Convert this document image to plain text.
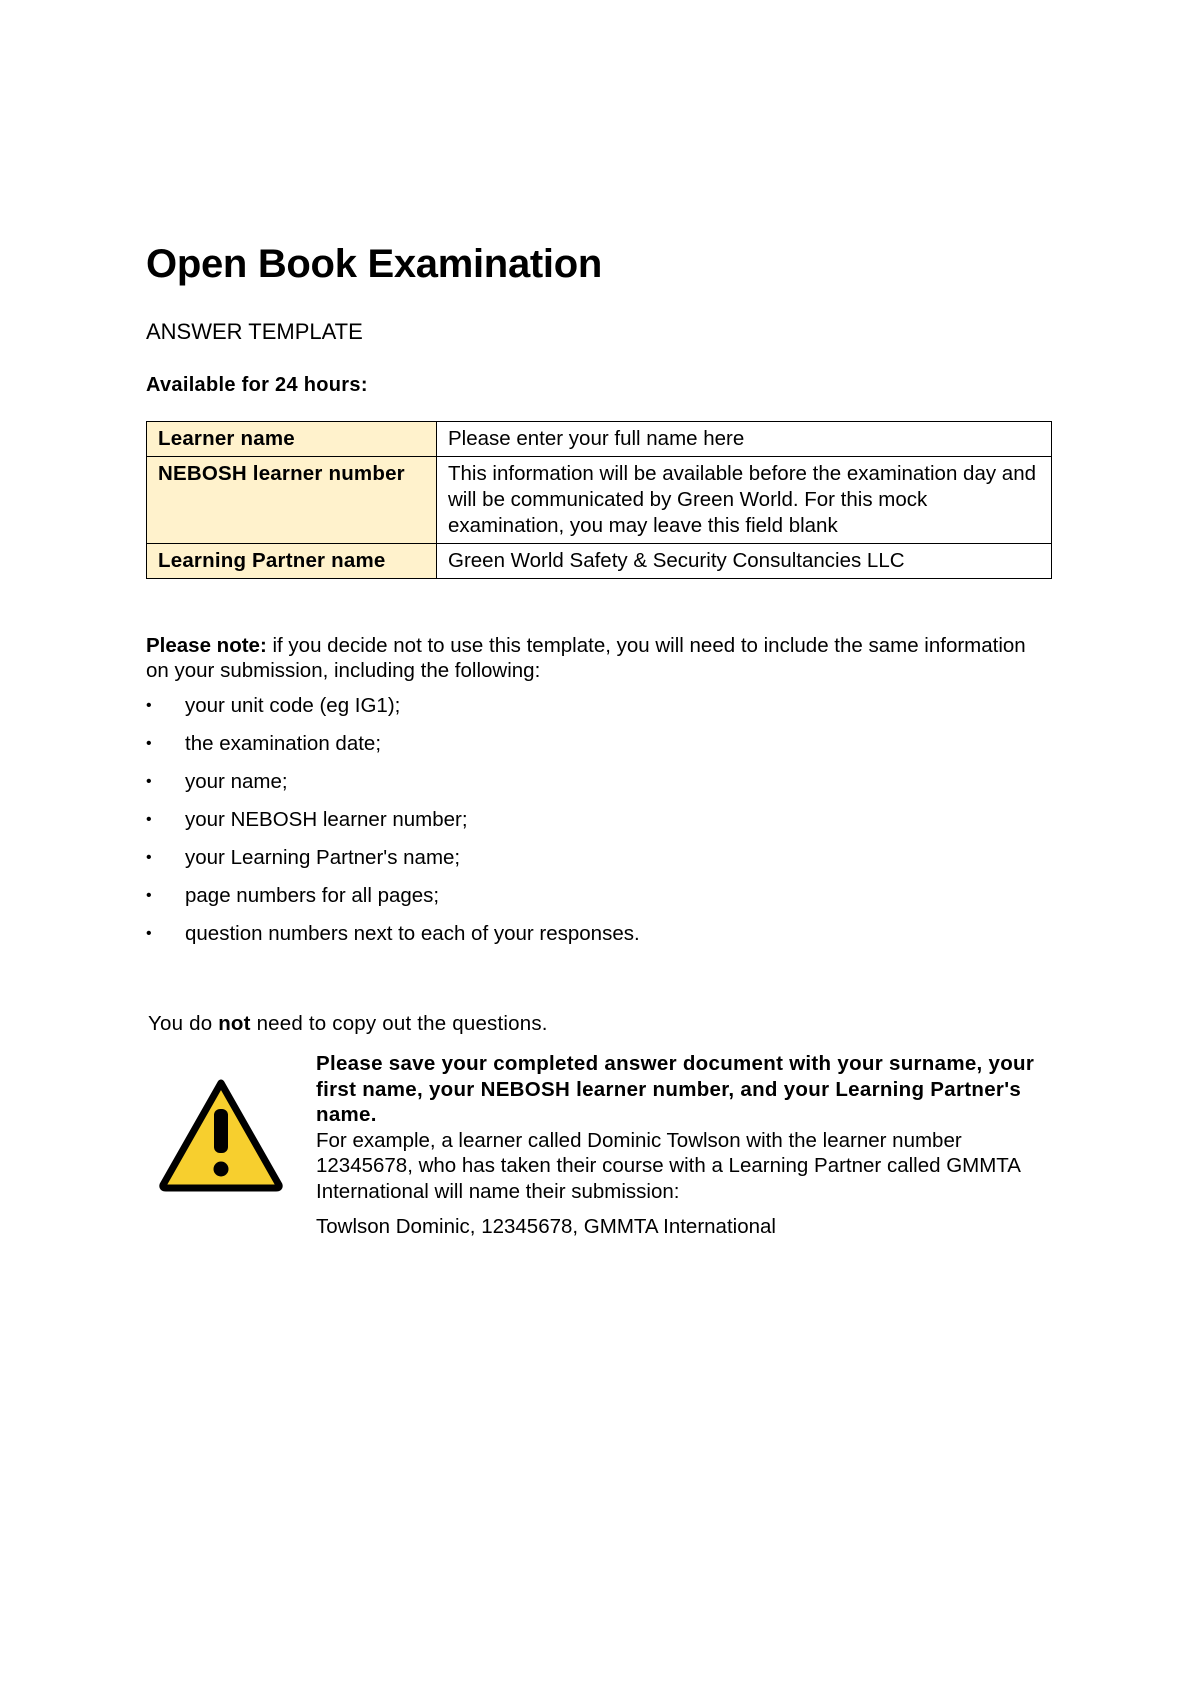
Open Book Examination
ANSWER TEMPLATE
Available for 24 hours:
Learner name	Please enter your full name here
NEBOSH learner number	This information will be available before the examination day and will be communicated by Green World. For this mock examination, you may leave this field blank
Learning Partner name	Green World Safety & Security Consultancies LLC
Please note: if you decide not to use this template, you will need to include the same information on your submission, including the following:
•	your unit code (eg IG1);
•	the examination date;
•	your name;
•	your NEBOSH learner number;
•	your Learning Partner's name;
•	page numbers for all pages;
•	question numbers next to each of your responses.
You do not need to copy out the questions.
Please save your completed answer document with your surname, your first name, your NEBOSH learner number, and your Learning Partner's name.
For example, a learner called Dominic Towlson with the learner number 12345678, who has taken their course with a Learning Partner called GMMTA International will name their submission:
Towlson Dominic, 12345678, GMMTA International
